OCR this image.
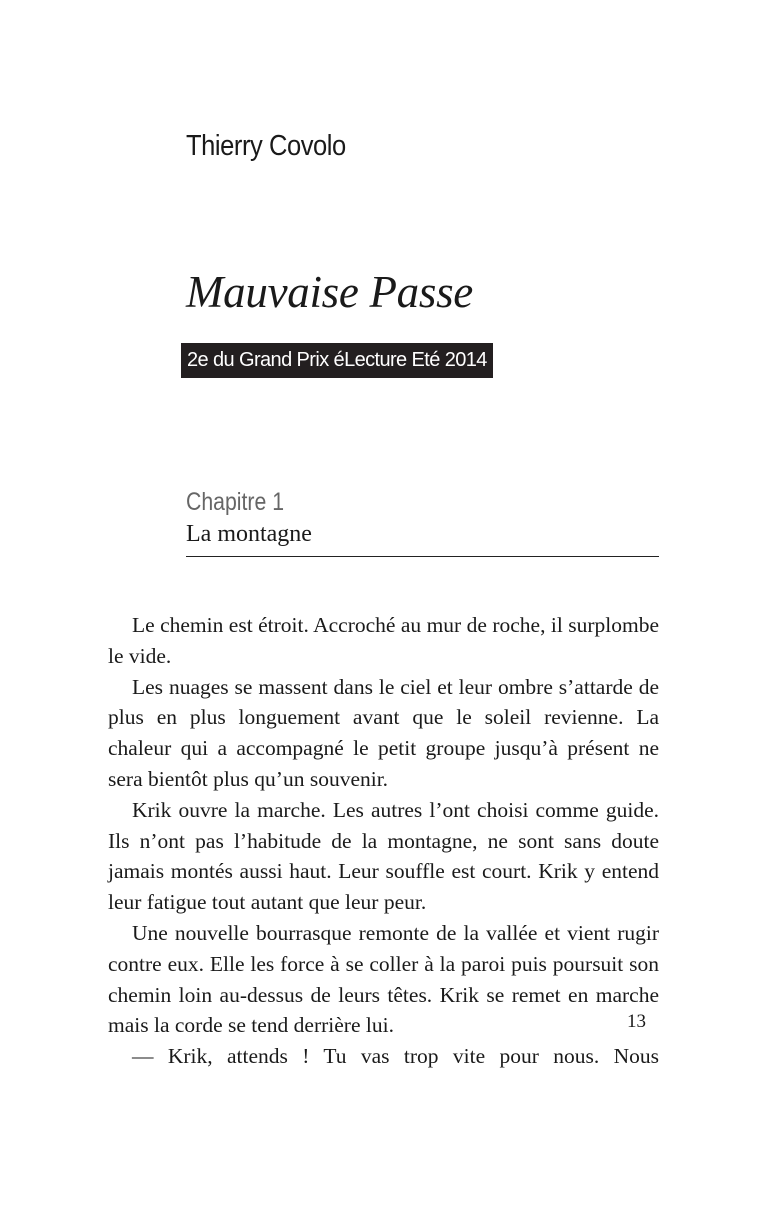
Thierry Covolo
Mauvaise Passe
2e du Grand Prix éLecture Eté 2014
Chapitre 1
La montagne

Le chemin est étroit. Accroché au mur de roche, il surplombe le vide.

Les nuages se massent dans le ciel et leur ombre s’attarde de plus en plus longuement avant que le soleil revienne. La chaleur qui a accompagné le petit groupe jusqu’à présent ne sera bientôt plus qu’un souvenir.

Krik ouvre la marche. Les autres l’ont choisi comme guide. Ils n’ont pas l’habitude de la montagne, ne sont sans doute jamais montés aussi haut. Leur souffle est court. Krik y entend leur fatigue tout autant que leur peur.

Une nouvelle bourrasque remonte de la vallée et vient rugir contre eux. Elle les force à se coller à la paroi puis poursuit son chemin loin au-dessus de leurs têtes. Krik se remet en marche mais la corde se tend derrière lui.

— Krik, attends ! Tu vas trop vite pour nous. Nous

13
